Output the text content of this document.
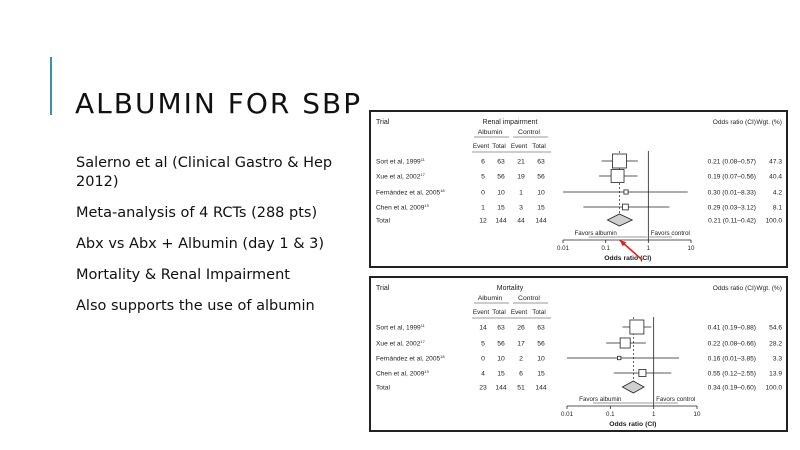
ALBUMIN FOR SBP
Salerno et al (Clinical Gastro & Hep 2012)
Meta-analysis of 4 RCTs (288 pts)
Abx vs Abx + Albumin (day 1 & 3)
Mortality & Renal Impairment
Also supports the use of albumin
Trial	Renal impairment
Albumin Control
Event Total Event Total
Odds ratio (CI) Wgt. (%)
Sort et al, 1999$^{11}$	6 63 21 63	0.21 (0.08–0.57) 47.3
Xue et al, 2002$^{17}$	5 56 19 56	0.19 (0.07–0.56) 40.4
Fernández et al, 2005$^{18}$	0 10 1 10	0.30 (0.01–8.33)	4.2
Chen et al, 2009$^{19}$	1 15 3 15	0.29 (0.03–3.12)	8.1
Total	12 144 44 144	0.21 (0.11–0.42) 100.0
Favors albumin	Favors control
0.01	0.1	1	10
Odds ratio (CI)
Trial	Mortality
Albumin Control
Event Total Event Total
Odds ratio (CI) Wgt. (%)
Sort et al, 1999$^{11}$	14 63 26 63	0.41 (0.19–0.88) 54.6
Xue et al, 2002$^{17}$	5 56 17 56	0.22 (0.08–0.66) 28.2
Fernández et al, 2005$^{18}$	0 10 2 10	0.16 (0.01–3.85)	3.3
Chen et al, 2009$^{19}$	4 15 6 15	0.55 (0.12–2.55) 13.9
Total	23 144 51 144	0.34 (0.19–0.60) 100.0
Favors albumin	Favors control
0.01	0.1	1	10
Odds ratio (CI)
